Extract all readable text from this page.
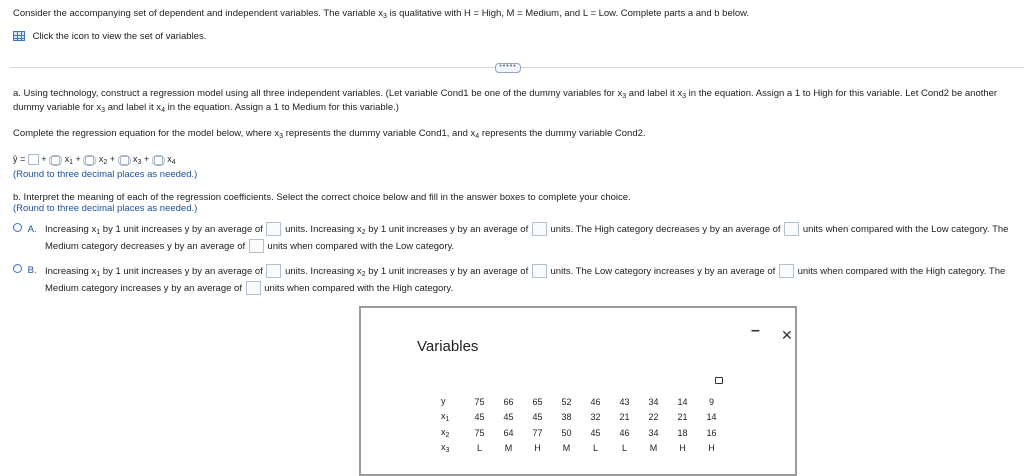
Consider the accompanying set of dependent and independent variables. The variable $x_3$ is qualitative with H = High, M = Medium, and L = Low. Complete parts a and b below.
Click the icon to view the set of variables.
•••••
a. Using technology, construct a regression model using all three independent variables. (Let variable Cond1 be one of the dummy variables for $x_3$ and label it $x_3$ in the equation. Assign a 1 to High for this variable. Let Cond2 be another
dummy variable for $x_3$ and label it $x_4$ in the equation. Assign a 1 to Medium for this variable.)
Complete the regression equation for the model below, where $x_3$ represents the dummy variable Cond1, and $x_4$ represents the dummy variable Cond2.
ŷ = + $x_1 + x_2 + x_3 + x_4$
(Round to three decimal places as needed.)
b. Interpret the meaning of each of the regression coefficients. Select the correct choice below and fill in the answer boxes to complete your choice.
(Round to three decimal places as needed.)
A. Increasing $x_1$ by 1 unit increases y by an average of units. Increasing $x_2$ by 1 unit increases y by an average of units. The High category decreases y by an average of units when compared with the Low category. The
Medium category decreases y by an average of units when compared with the Low category.
B. Increasing $x_1$ by 1 unit increases y by an average of units. Increasing $x_2$ by 1 unit increases y by an average of units. The Low category increases y by an average of units when compared with the High category. The
Medium category increases y by an average of units when compared with the High category.
Variables
– ✕
y	75	66	65	52	46	43	34	14	9
$x_1$	45	45	45	38	32	21	22	21	14
$x_2$	75	64	77	50	45	46	34	18	16
$x_3$	L	M	H	M	L	L	M	H	H
